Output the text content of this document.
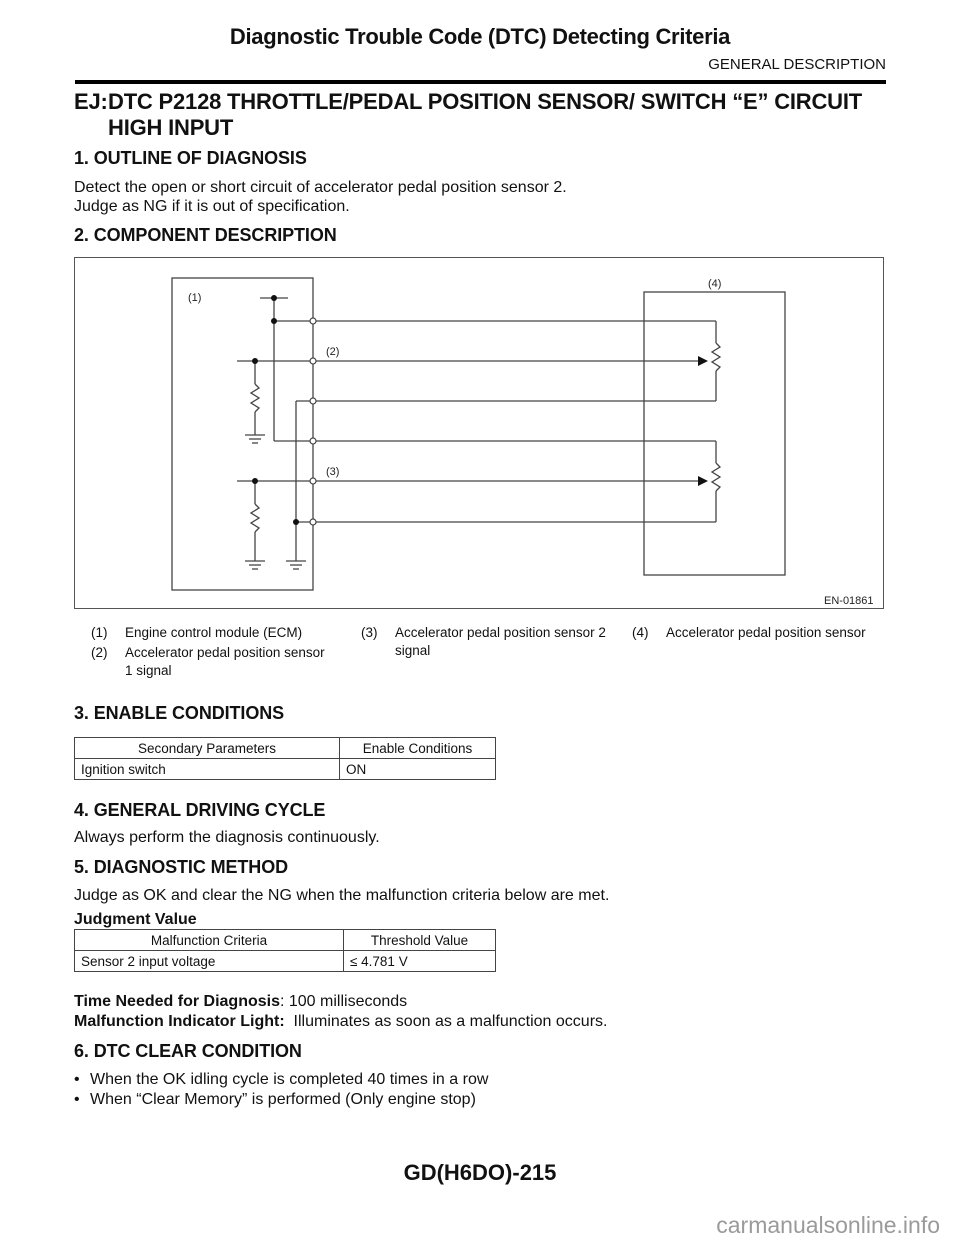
Diagnostic Trouble Code (DTC) Detecting Criteria
GENERAL DESCRIPTION
EJ:DTC P2128 THROTTLE/PEDAL POSITION SENSOR/ SWITCH “E” CIRCUIT
HIGH INPUT
1. OUTLINE OF DIAGNOSIS
Detect the open or short circuit of accelerator pedal position sensor 2.
Judge as NG if it is out of specification.
2. COMPONENT DESCRIPTION
(1)
(2)
(3)
(4)
EN-01861
(1) Engine control module (ECM)
(2) Accelerator pedal position sensor 1 signal
(3) Accelerator pedal position sensor 2 signal
(4) Accelerator pedal position sensor
3. ENABLE CONDITIONS
Secondary Parameters	Enable Conditions
Ignition switch	ON
4. GENERAL DRIVING CYCLE
Always perform the diagnosis continuously.
5. DIAGNOSTIC METHOD
Judge as OK and clear the NG when the malfunction criteria below are met.
Judgment Value
Malfunction Criteria	Threshold Value
Sensor 2 input voltage	≤ 4.781 V
Time Needed for Diagnosis: 100 milliseconds
Malfunction Indicator Light:  Illuminates as soon as a malfunction occurs.
6. DTC CLEAR CONDITION
• When the OK idling cycle is completed 40 times in a row
• When “Clear Memory” is performed (Only engine stop)
GD(H6DO)-215
carmanualsonline.info
